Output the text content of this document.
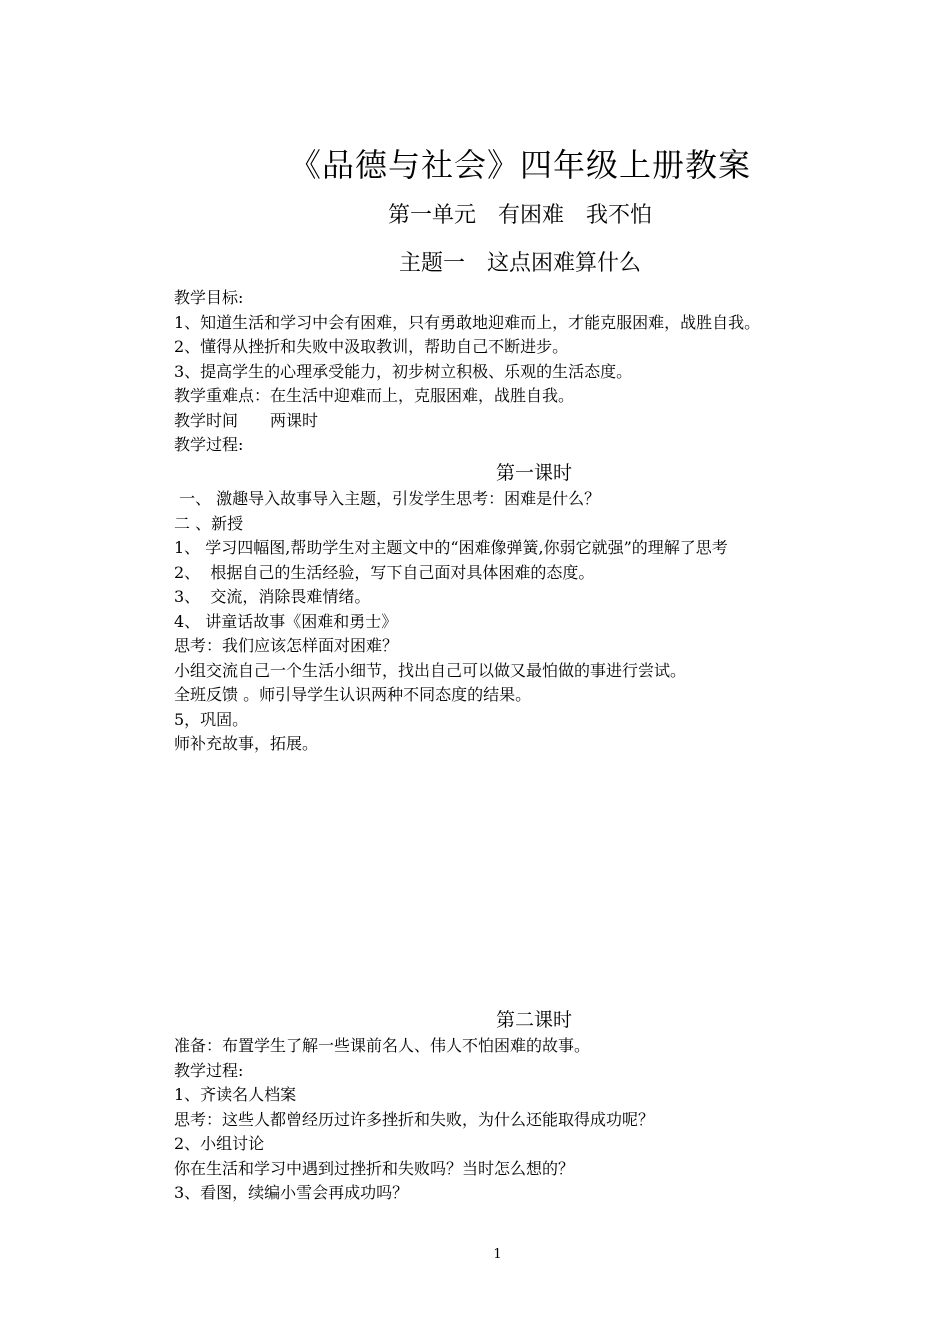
《品德与社会》四年级上册教案
第一单元　有困难　我不怕
主题一　这点困难算什么
教学目标:
1、知道生活和学习中会有困难，只有勇敢地迎难而上，才能克服困难，战胜自我。
2、懂得从挫折和失败中汲取教训，帮助自己不断进步。
3、提高学生的心理承受能力，初步树立积极、乐观的生活态度。
教学重难点：在生活中迎难而上，克服困难，战胜自我。
教学时间　　两课时
教学过程:
第一课时
一、 激趣导入故事导入主题，引发学生思考：困难是什么？
二 、新授
1、 学习四幅图,帮助学生对主题文中的“困难像弹簧,你弱它就强”的理解了思考
2、  根据自己的生活经验，写下自己面对具体困难的态度。
3、  交流，消除畏难情绪。
4、 讲童话故事《困难和勇士》
思考：我们应该怎样面对困难？
小组交流自己一个生活小细节，找出自己可以做又最怕做的事进行尝试。
全班反馈 。师引导学生认识两种不同态度的结果。
5，巩固。
师补充故事，拓展。
第二课时
准备：布置学生了解一些课前名人、伟人不怕困难的故事。
教学过程:
1、齐读名人档案
思考：这些人都曾经历过许多挫折和失败，为什么还能取得成功呢？
2、小组讨论
你在生活和学习中遇到过挫折和失败吗？当时怎么想的？
3、看图，续编小雪会再成功吗？
1
